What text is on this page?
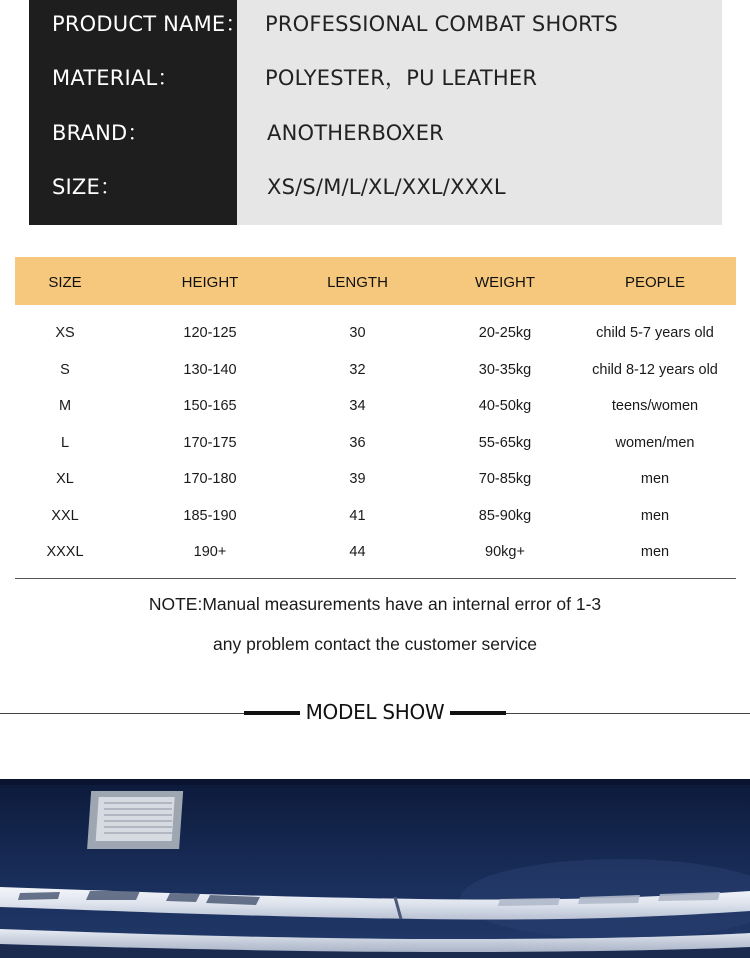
PRODUCT NAME： PROFESSIONAL COMBAT SHORTS
MATERIAL：	POLYESTER，PU LEATHER
BRAND：	ANOTHERBOXER
SIZE：	XS/S/M/L/XL/XXL/XXXL
SIZE	HEIGHT	LENGTH	WEIGHT	PEOPLE
XS	120-125	30	20-25kg	child 5-7 years old
S	130-140	32	30-35kg	child 8-12 years old
M	150-165	34	40-50kg	teens/women
L	170-175	36	55-65kg	women/men
XL	170-180	39	70-85kg	men
XXL	185-190	41	85-90kg	men
XXXL	190+	44	90kg+	men
NOTE:Manual measurements have an internal error of 1-3
any problem contact the customer service
MODEL SHOW
